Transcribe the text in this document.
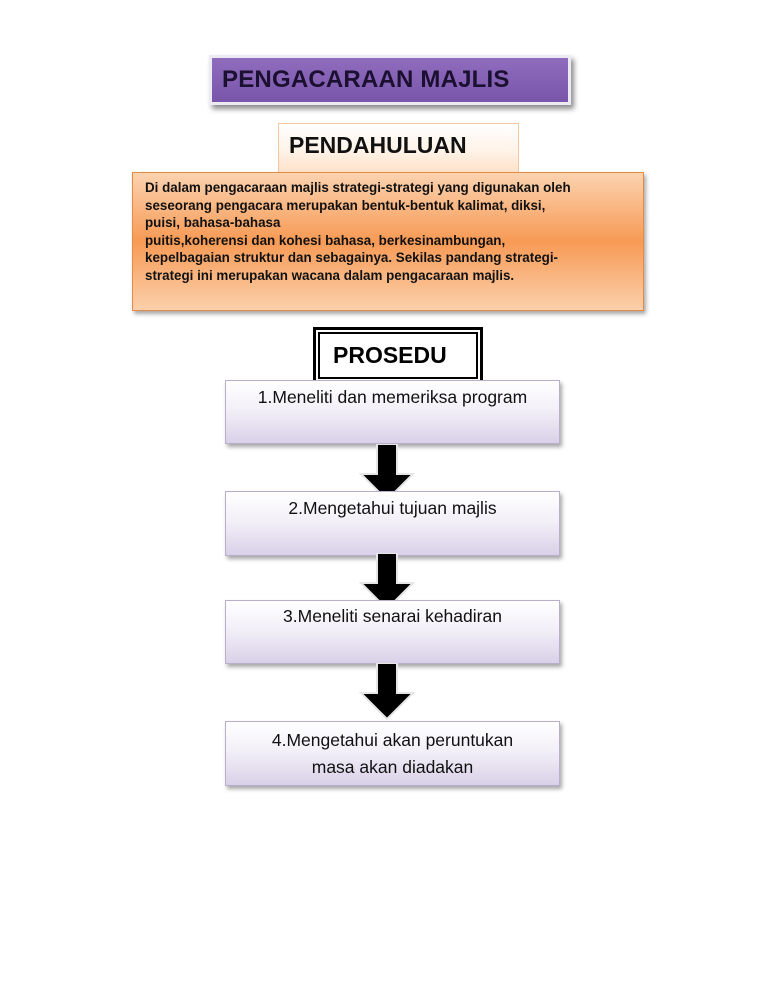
PENGACARAAN MAJLIS
PENDAHULUAN
Di dalam pengacaraan majlis strategi-strategi yang digunakan oleh
seseorang pengacara merupakan bentuk-bentuk kalimat, diksi,
puisi, bahasa-bahasa
puitis,koherensi dan kohesi bahasa, berkesinambungan,
kepelbagaian struktur dan sebagainya. Sekilas pandang strategi-
strategi ini merupakan wacana dalam pengacaraan majlis.
PROSEDU
1.Meneliti dan memeriksa program
2.Mengetahui tujuan majlis
3.Meneliti senarai kehadiran
4.Mengetahui akan peruntukan
masa akan diadakan
